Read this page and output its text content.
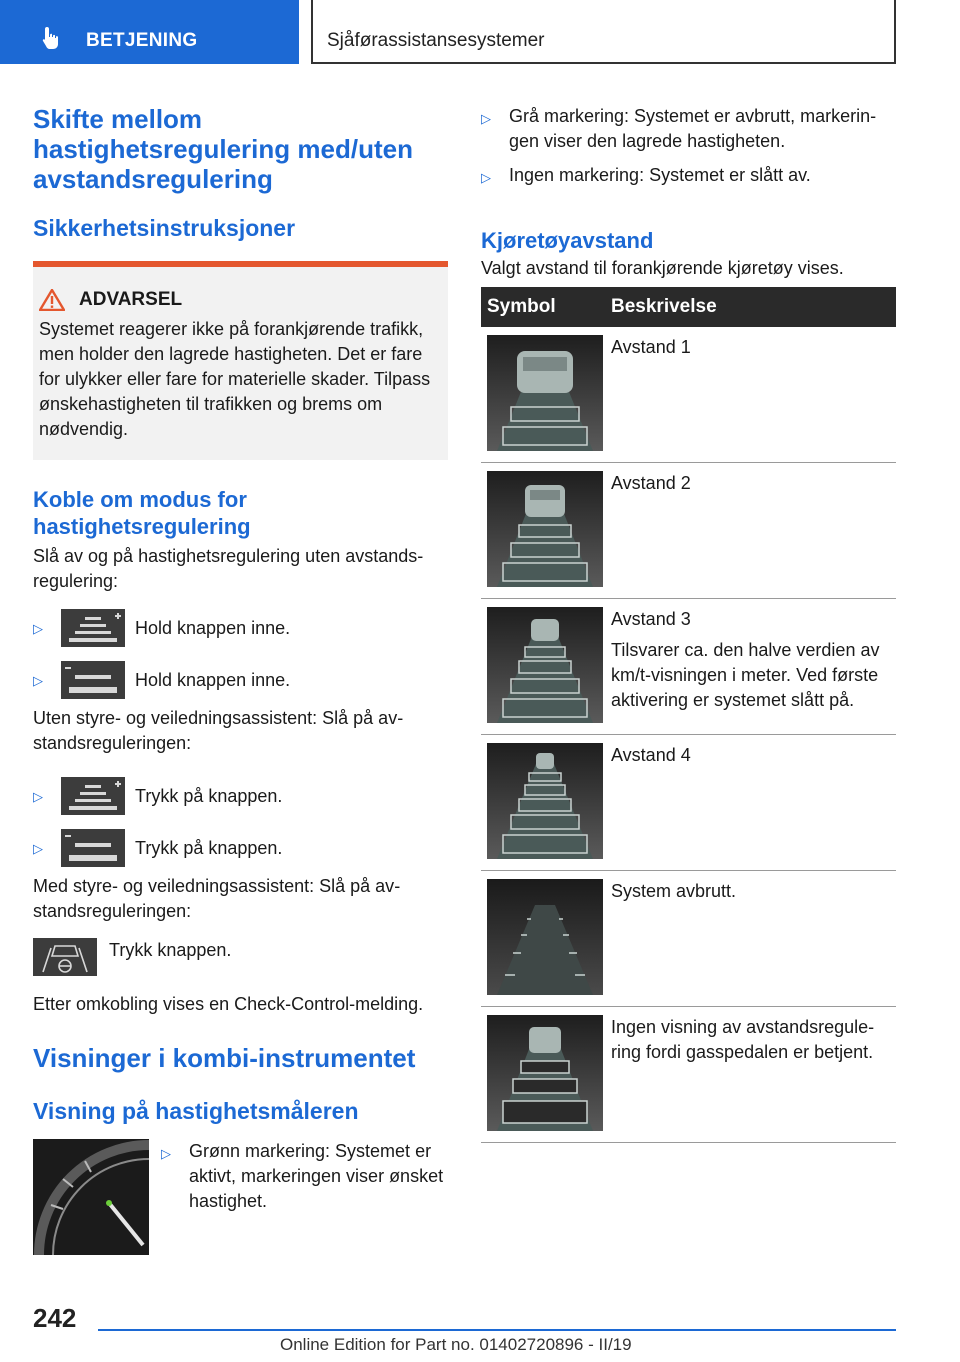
BETJENING	Sjåførassistansesystemer
Skifte mellom hastighetsregulering med/uten avstandsregulering
Sikkerhetsinstruksjoner
ADVARSEL
Systemet reagerer ikke på forankjørende trafikk, men holder den lagrede hastigheten. Det er fare for ulykker eller fare for materielle skader. Tilpass ønskehastigheten til trafikken og brems om nødvendig.
Koble om modus for hastighetsregulering
Slå av og på hastighetsregulering uten avstandsregulering:
▷	Hold knappen inne.
▷	Hold knappen inne.
Uten styre- og veiledningsassistent: Slå på avstandsreguleringen:
▷	Trykk på knappen.
▷	Trykk på knappen.
Med styre- og veiledningsassistent: Slå på avstandsreguleringen:
Trykk knappen.
Etter omkobling vises en Check-Control-melding.
Visninger i kombi-instrumentet
Visning på hastighetsmåleren
▷	Grønn markering: Systemet er aktivt, markeringen viser ønsket hastighet.
▷	Grå markering: Systemet er avbrutt, markeringen viser den lagrede hastigheten.
▷	Ingen markering: Systemet er slått av.
Kjøretøyavstand
Valgt avstand til forankjørende kjøretøy vises.
Symbol	Beskrivelse
Avstand 1
Avstand 2
Avstand 3
Tilsvarer ca. den halve verdien av km/t-visningen i meter. Ved første aktivering er systemet slått på.
Avstand 4
System avbrutt.
Ingen visning av avstandsregulering fordi gasspedalen er betjent.
242
Online Edition for Part no. 01402720896 - II/19
